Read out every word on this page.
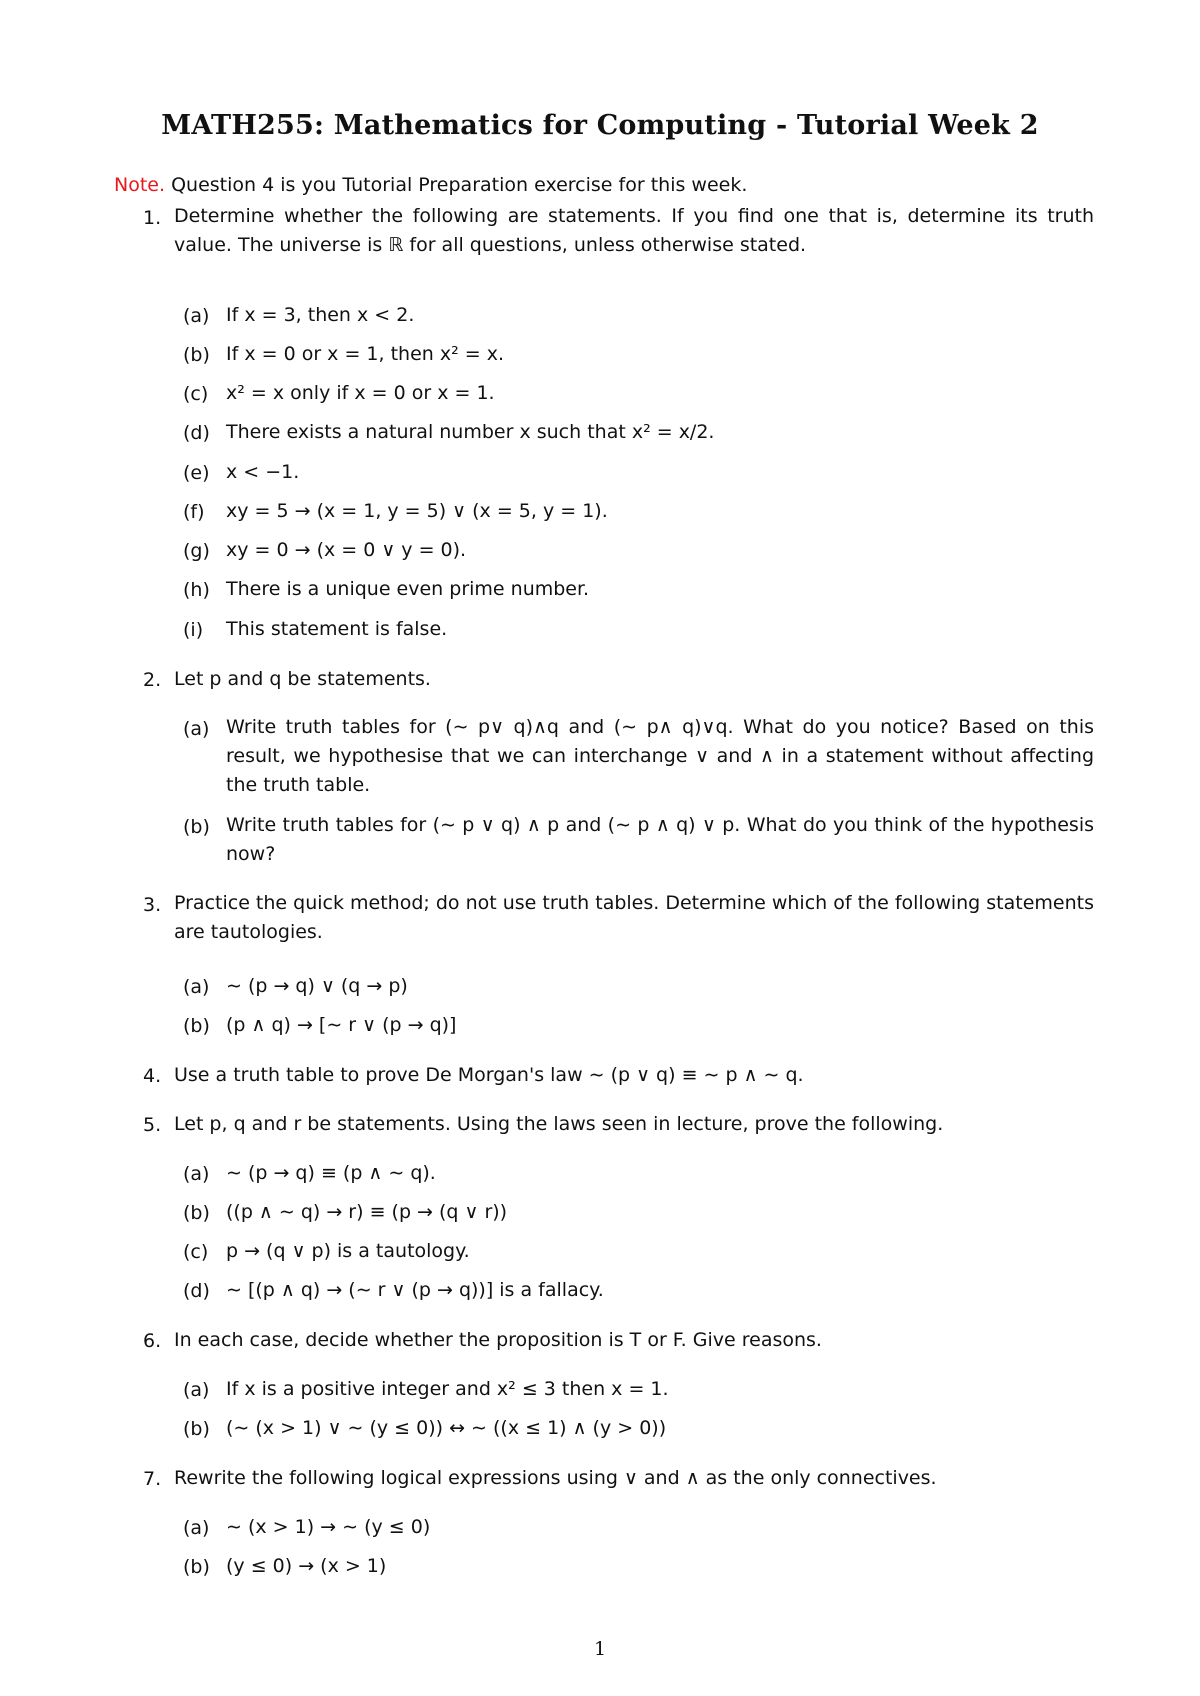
MATH255: Mathematics for Computing - Tutorial Week 2
Note. Question 4 is you Tutorial Preparation exercise for this week.
1. Determine whether the following are statements. If you find one that is, determine its truth value. The universe is ℝ for all questions, unless otherwise stated.
(a) If x = 3, then x < 2.
(b) If x = 0 or x = 1, then x² = x.
(c) x² = x only if x = 0 or x = 1.
(d) There exists a natural number x such that x² = x/2.
(e) x < −1.
(f)	xy = 5 → (x = 1, y = 5) ∨ (x = 5, y = 1).
(g) xy = 0 → (x = 0 ∨ y = 0).
(h) There is a unique even prime number.
(i)	This statement is false.
2. Let p and q be statements.
(a) Write truth tables for (∼ p∨ q)∧q and (∼ p∧ q)∨q. What do you notice? Based on this result, we hypothesise that we can interchange ∨ and ∧ in a statement without affecting the truth table.
(b) Write truth tables for (∼ p ∨ q) ∧ p and (∼ p ∧ q) ∨ p. What do you think of the hypothesis now?
3. Practice the quick method; do not use truth tables. Determine which of the following statements are tautologies.
(a) ∼ (p → q) ∨ (q → p)
(b) (p ∧ q) → [∼ r ∨ (p → q)]
4. Use a truth table to prove De Morgan's law ∼ (p ∨ q) ≡ ∼ p ∧ ∼ q.
5. Let p, q and r be statements. Using the laws seen in lecture, prove the following.
(a) ∼ (p → q) ≡ (p ∧ ∼ q).
(b) ((p ∧ ∼ q) → r) ≡ (p → (q ∨ r))
(c) p → (q ∨ p) is a tautology.
(d) ∼ [(p ∧ q) → (∼ r ∨ (p → q))] is a fallacy.
6. In each case, decide whether the proposition is T or F. Give reasons.
(a) If x is a positive integer and x² ≤ 3 then x = 1.
(b) (∼ (x > 1) ∨ ∼ (y ≤ 0)) ↔ ∼ ((x ≤ 1) ∧ (y > 0))
7. Rewrite the following logical expressions using ∨ and ∧ as the only connectives.
(a) ∼ (x > 1) → ∼ (y ≤ 0)
(b) (y ≤ 0) → (x > 1)
1
